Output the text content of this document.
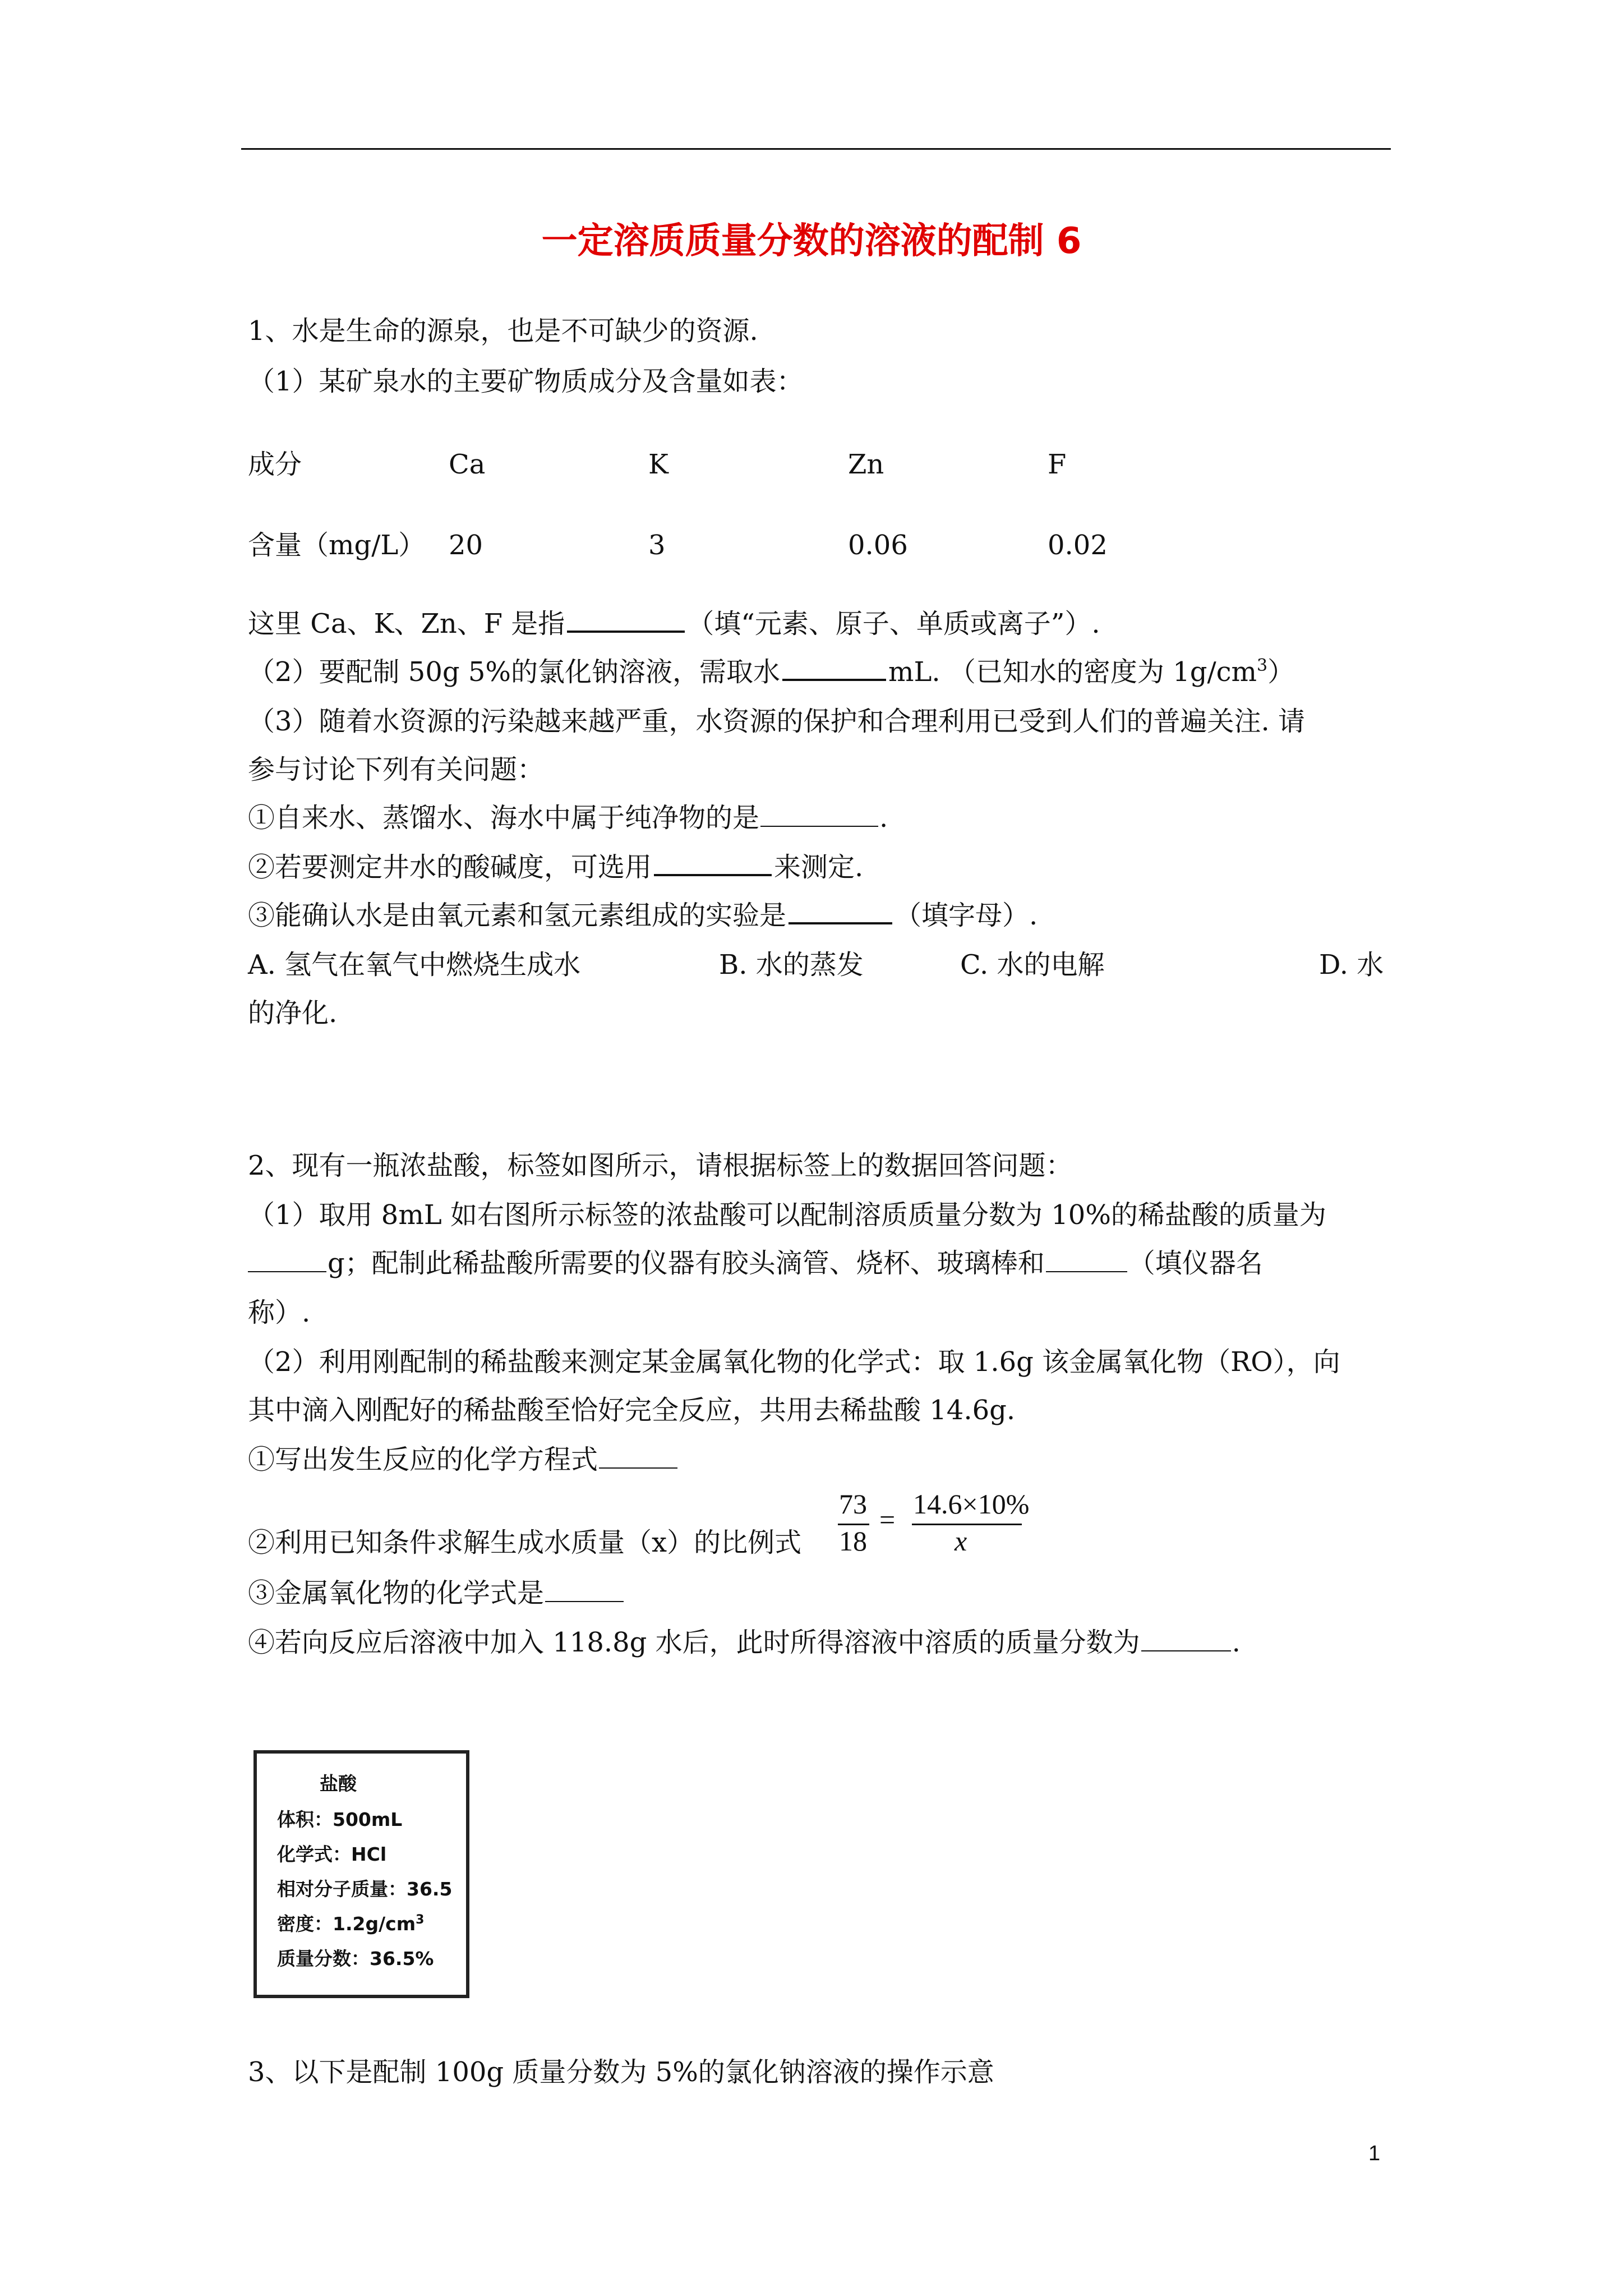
一定溶质质量分数的溶液的配制 6
1、水是生命的源泉，也是不可缺少的资源.
（1）某矿泉水的主要矿物质成分及含量如表：
成分	Ca	K	Zn	F
含量（mg/L） 20	3	0.06	0.02
这里 Ca、K、Zn、F 是指	（填“元素、原子、单质或离子”）.
（2）要配制 50g 5%的氯化钠溶液，需取水	mL. （已知水的密度为 $1g/cm^3$）
（3）随着水资源的污染越来越严重，水资源的保护和合理利用已受到人们的普遍关注. 请
参与讨论下列有关问题：
①自来水、蒸馏水、海水中属于纯净物的是	.
②若要测定井水的酸碱度，可选用	来测定.
③能确认水是由氧元素和氢元素组成的实验是	（填字母）.
A. 氢气在氧气中燃烧生成水	B. 水的蒸发	C. 水的电解	D. 水
的净化.
2、现有一瓶浓盐酸，标签如图所示，请根据标签上的数据回答问题：
（1）取用 8mL 如右图所示标签的浓盐酸可以配制溶质质量分数为 10%的稀盐酸的质量为
g；配制此稀盐酸所需要的仪器有胶头滴管、烧杯、玻璃棒和	（填仪器名
称）.
（2）利用刚配制的稀盐酸来测定某金属氧化物的化学式：取 1.6g 该金属氧化物（RO），向
其中滴入刚配好的稀盐酸至恰好完全反应，共用去稀盐酸 14.6g.
①写出发生反应的化学方程式
②利用已知条件求解生成水质量（x）的比例式
73
18
= 14.6×10%
x
③金属氧化物的化学式是
④若向反应后溶液中加入 118.8g 水后，此时所得溶液中溶质的质量分数为	.
盐酸
体积：500mL
化学式：HCl
相对分子质量：36.5
密度：$1.2g/cm^3$
质量分数：36.5%
3、以下是配制 100g 质量分数为 5%的氯化钠溶液的操作示意
1
